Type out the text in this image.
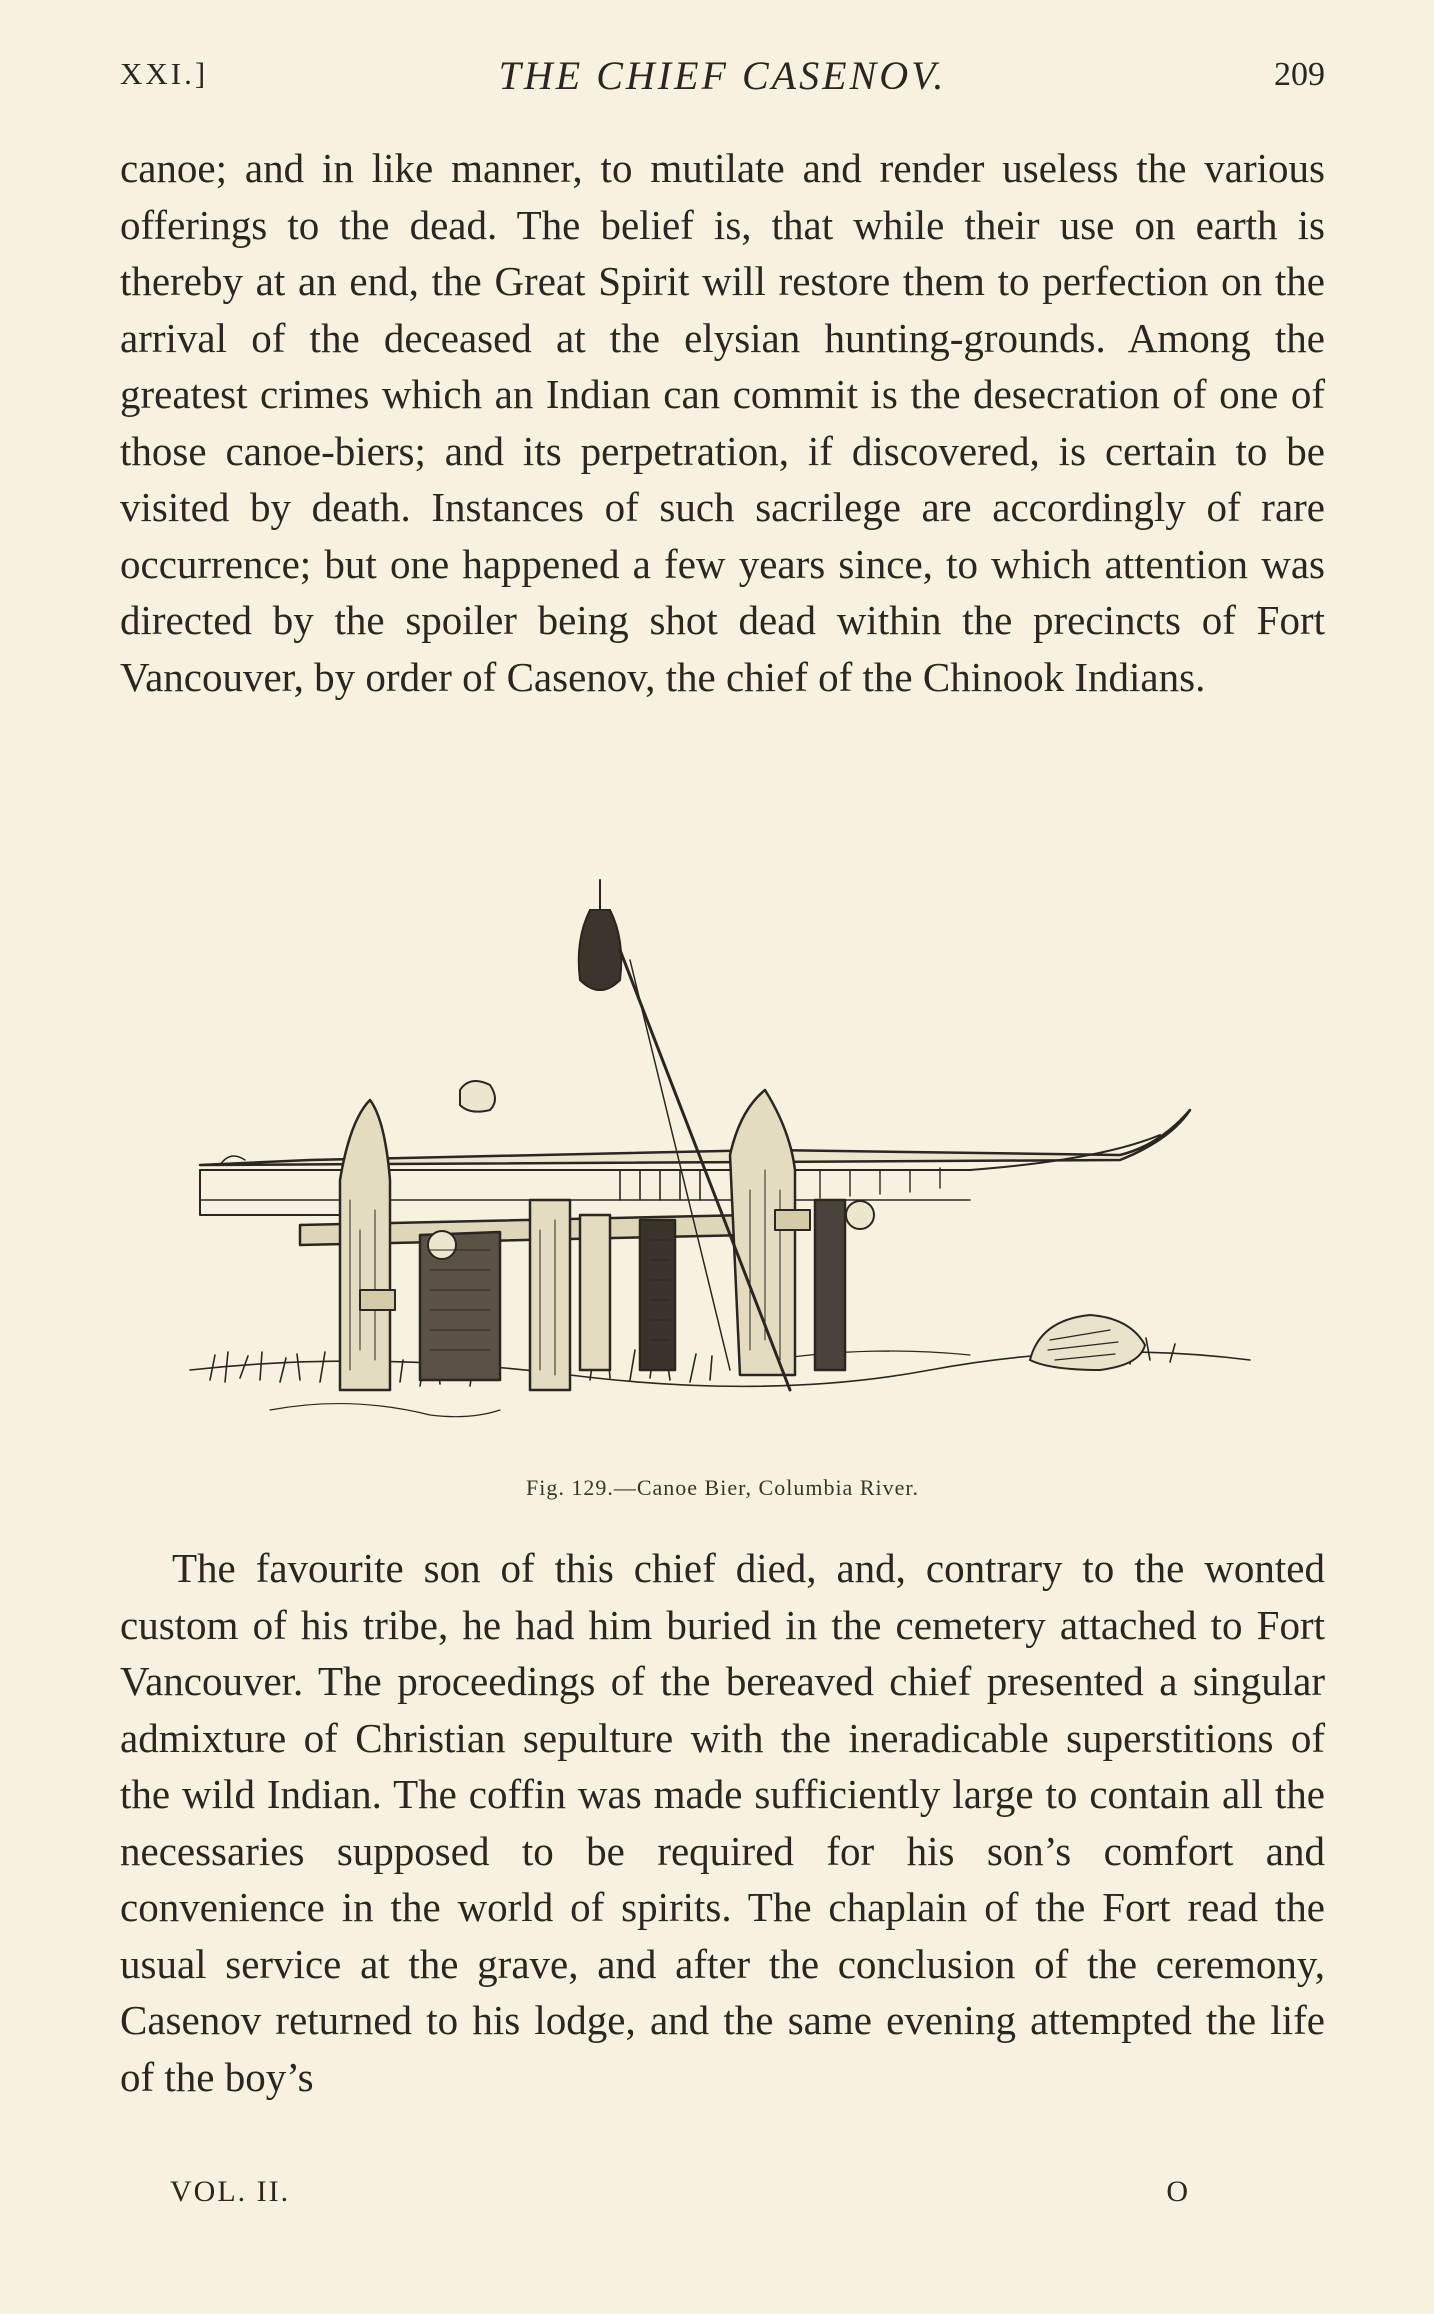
XXI.]	THE CHIEF CASENOV.	209

canoe; and in like manner, to mutilate and render useless the various offerings to the dead. The belief is, that while their use on earth is thereby at an end, the Great Spirit will restore them to perfection on the arrival of the deceased at the elysian hunting-grounds. Among the greatest crimes which an Indian can commit is the desecration of one of those canoe-biers; and its perpetration, if discovered, is certain to be visited by death. Instances of such sacrilege are accordingly of rare occurrence; but one happened a few years since, to which attention was directed by the spoiler being shot dead within the precincts of Fort Vancouver, by order of Casenov, the chief of the Chinook Indians.

Fig. 129.—Canoe Bier, Columbia River.

The favourite son of this chief died, and, contrary to the wonted custom of his tribe, he had him buried in the cemetery attached to Fort Vancouver. The proceedings of the bereaved chief presented a singular admixture of Christian sepulture with the ineradicable superstitions of the wild Indian. The coffin was made sufficiently large to contain all the necessaries supposed to be required for his son’s comfort and convenience in the world of spirits. The chaplain of the Fort read the usual service at the grave, and after the conclusion of the ceremony, Casenov returned to his lodge, and the same evening attempted the life of the boy’s

VOL. II.	O
